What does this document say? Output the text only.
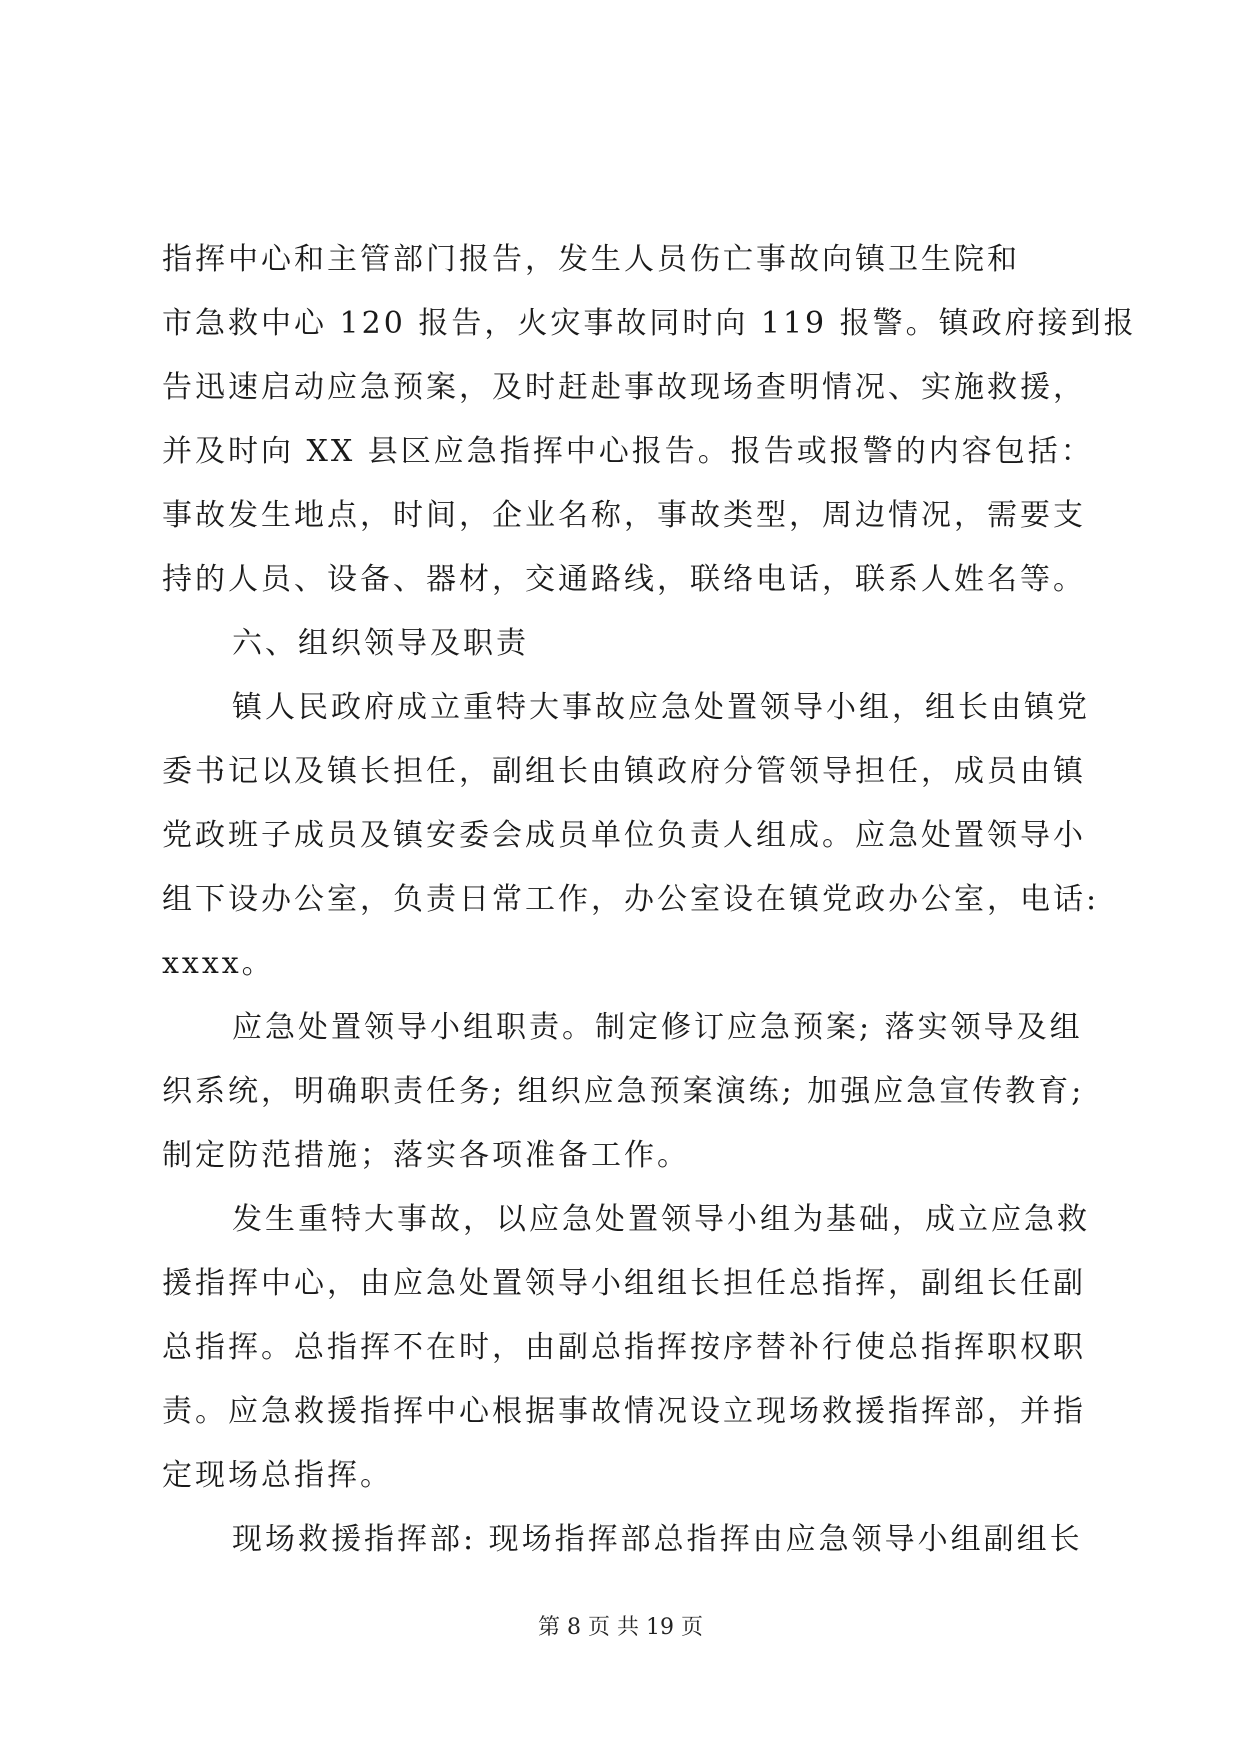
指挥中心和主管部门报告，发生人员伤亡事故向镇卫生院和
市急救中心 120 报告，火灾事故同时向 119 报警。镇政府接到报
告迅速启动应急预案，及时赶赴事故现场查明情况、实施救援，
并及时向 XX 县区应急指挥中心报告。报告或报警的内容包括：
事故发生地点，时间，企业名称，事故类型，周边情况，需要支
持的人员、设备、器材，交通路线，联络电话，联系人姓名等。
六、组织领导及职责
镇人民政府成立重特大事故应急处置领导小组，组长由镇党
委书记以及镇长担任，副组长由镇政府分管领导担任，成员由镇
党政班子成员及镇安委会成员单位负责人组成。应急处置领导小
组下设办公室，负责日常工作，办公室设在镇党政办公室，电话:
xxxx。
应急处置领导小组职责。制定修订应急预案; 落实领导及组
织系统，明确职责任务; 组织应急预案演练; 加强应急宣传教育;
制定防范措施；落实各项准备工作。
发生重特大事故，以应急处置领导小组为基础，成立应急救
援指挥中心，由应急处置领导小组组长担任总指挥，副组长任副
总指挥。总指挥不在时，由副总指挥按序替补行使总指挥职权职
责。应急救援指挥中心根据事故情况设立现场救援指挥部，并指
定现场总指挥。
现场救援指挥部: 现场指挥部总指挥由应急领导小组副组长
第 8 页 共 19 页
